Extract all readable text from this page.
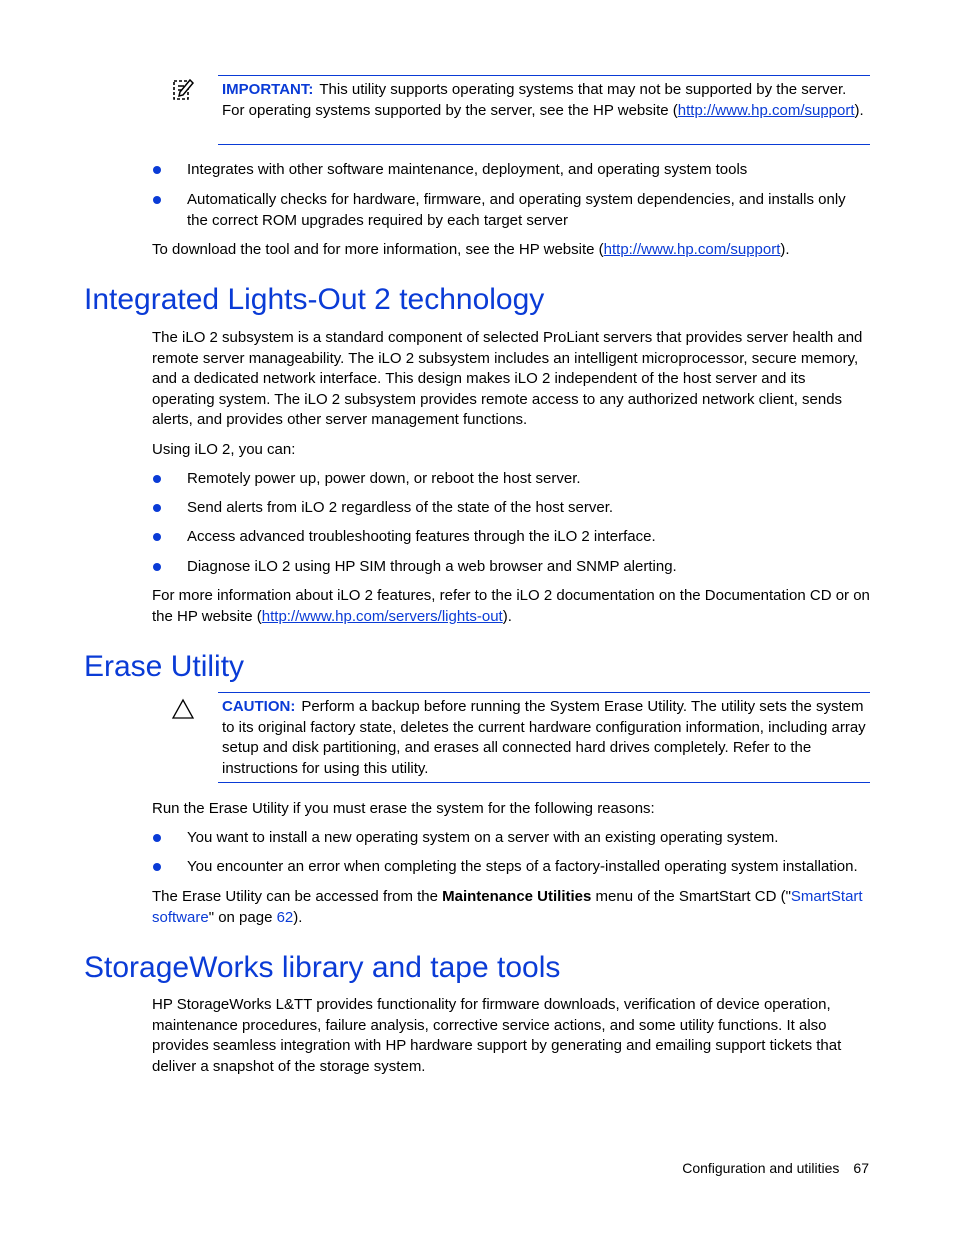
IMPORTANT: This utility supports operating systems that may not be supported by the server. For operating systems supported by the server, see the HP website (http://www.hp.com/support).
Integrates with other software maintenance, deployment, and operating system tools
Automatically checks for hardware, firmware, and operating system dependencies, and installs only the correct ROM upgrades required by each target server

To download the tool and for more information, see the HP website (http://www.hp.com/support).

Integrated Lights-Out 2 technology

The iLO 2 subsystem is a standard component of selected ProLiant servers that provides server health and remote server manageability. The iLO 2 subsystem includes an intelligent microprocessor, secure memory, and a dedicated network interface. This design makes iLO 2 independent of the host server and its operating system. The iLO 2 subsystem provides remote access to any authorized network client, sends alerts, and provides other server management functions.

Using iLO 2, you can:

Remotely power up, power down, or reboot the host server.
Send alerts from iLO 2 regardless of the state of the host server.
Access advanced troubleshooting features through the iLO 2 interface.
Diagnose iLO 2 using HP SIM through a web browser and SNMP alerting.

For more information about iLO 2 features, refer to the iLO 2 documentation on the Documentation CD or on the HP website (http://www.hp.com/servers/lights-out).

Erase Utility
CAUTION: Perform a backup before running the System Erase Utility. The utility sets the system to its original factory state, deletes the current hardware configuration information, including array setup and disk partitioning, and erases all connected hard drives completely. Refer to the instructions for using this utility.

Run the Erase Utility if you must erase the system for the following reasons:

You want to install a new operating system on a server with an existing operating system.
You encounter an error when completing the steps of a factory-installed operating system installation.

The Erase Utility can be accessed from the Maintenance Utilities menu of the SmartStart CD ("SmartStart software" on page 62).

StorageWorks library and tape tools

HP StorageWorks L&TT provides functionality for firmware downloads, verification of device operation, maintenance procedures, failure analysis, corrective service actions, and some utility functions. It also provides seamless integration with HP hardware support by generating and emailing support tickets that deliver a snapshot of the storage system.

Configuration and utilities 67
